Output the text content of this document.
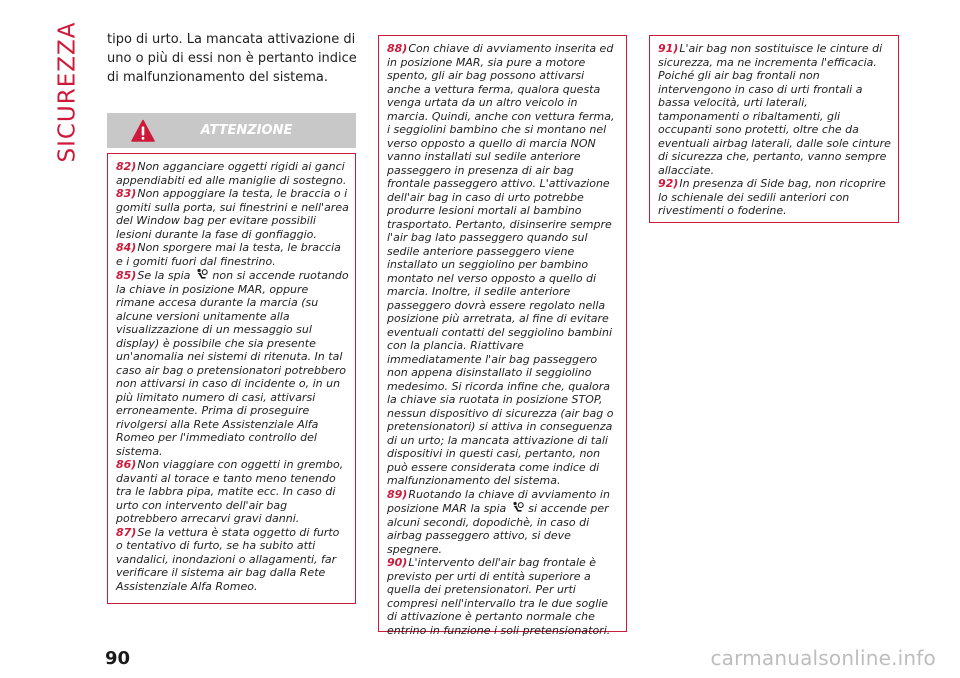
SICUREZZA tipo di urto. La mancata attivazione di uno o più di essi non è pertanto indice di malfunzionamento del sistema.
ATTENZIONE

82)Non agganciare oggetti rigidi ai ganci appendiabiti ed alle maniglie di sostegno.

83)Non appoggiare la testa, le braccia o i gomiti sulla porta, sui finestrini e nell'area del Window bag per evitare possibili lesioni durante la fase di gonfiaggio.

84)Non sporgere mai la testa, le braccia e i gomiti fuori dal finestrino.

85)Se la spia non si accende ruotando la chiave in posizione MAR, oppure rimane accesa durante la marcia (su alcune versioni unitamente alla visualizzazione di un messaggio sul display) è possibile che sia presente un'anomalia nei sistemi di ritenuta. In tal caso air bag o pretensionatori potrebbero non attivarsi in caso di incidente o, in un più limitato numero di casi, attivarsi erroneamente. Prima di proseguire rivolgersi alla Rete Assistenziale Alfa Romeo per l'immediato controllo del sistema.

86)Non viaggiare con oggetti in grembo, davanti al torace e tanto meno tenendo tra le labbra pipa, matite ecc. In caso di urto con intervento dell'air bag potrebbero arrecarvi gravi danni.

87)Se la vettura è stata oggetto di furto o tentativo di furto, se ha subito atti vandalici, inondazioni o allagamenti, far verificare il sistema air bag dalla Rete Assistenziale Alfa Romeo.

88)Con chiave di avviamento inserita ed in posizione MAR, sia pure a motore spento, gli air bag possono attivarsi anche a vettura ferma, qualora questa venga urtata da un altro veicolo in marcia. Quindi, anche con vettura ferma, i seggiolini bambino che si montano nel verso opposto a quello di marcia NON vanno installati sul sedile anteriore passeggero in presenza di air bag frontale passeggero attivo. L'attivazione dell'air bag in caso di urto potrebbe produrre lesioni mortali al bambino trasportato. Pertanto, disinserire sempre l'air bag lato passeggero quando sul sedile anteriore passeggero viene installato un seggiolino per bambino montato nel verso opposto a quello di marcia. Inoltre, il sedile anteriore passeggero dovrà essere regolato nella posizione più arretrata, al fine di evitare eventuali contatti del seggiolino bambini con la plancia. Riattivare immediatamente l'air bag passeggero non appena disinstallato il seggiolino medesimo. Si ricorda infine che, qualora la chiave sia ruotata in posizione STOP, nessun dispositivo di sicurezza (air bag o pretensionatori) si attiva in conseguenza di un urto; la mancata attivazione di tali dispositivi in questi casi, pertanto, non può essere considerata come indice di malfunzionamento del sistema.

89)Ruotando la chiave di avviamento in posizione MAR la spia si accende per alcuni secondi, dopodichè, in caso di airbag passeggero attivo, si deve spegnere.

90)L'intervento dell'air bag frontale è previsto per urti di entità superiore a quella dei pretensionatori. Per urti compresi nell'intervallo tra le due soglie di attivazione è pertanto normale che entrino in funzione i soli pretensionatori.

91)L'air bag non sostituisce le cinture di sicurezza, ma ne incrementa l'efficacia. Poiché gli air bag frontali non intervengono in caso di urti frontali a bassa velocità, urti laterali, tamponamenti o ribaltamenti, gli occupanti sono protetti, oltre che da eventuali airbag laterali, dalle sole cinture di sicurezza che, pertanto, vanno sempre allacciate.

92)In presenza di Side bag, non ricoprire lo schienale dei sedili anteriori con rivestimenti o foderine.

90	carmanualsonline.info
